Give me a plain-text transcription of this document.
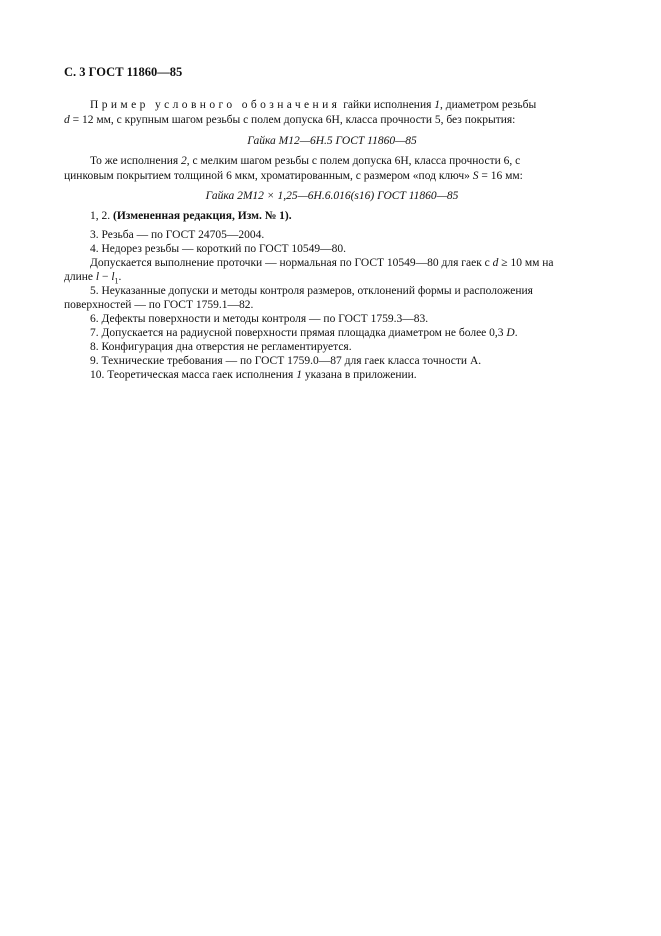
С. 3 ГОСТ 11860—85
Пример условного обозначения гайки исполнения 1, диаметром резьбы
d = 12 мм, с крупным шагом резьбы с полем допуска 6Н, класса прочности 5, без покрытия:
Гайка М12—6Н.5 ГОСТ 11860—85
То же исполнения 2, с мелким шагом резьбы с полем допуска 6Н, класса прочности 6, с
цинковым покрытием толщиной 6 мкм, хроматированным, с размером «под ключ» S = 16 мм:
Гайка 2М12 × 1,25—6Н.6.016(s16) ГОСТ 11860—85
1, 2. (Измененная редакция, Изм. № 1).
3. Резьба — по ГОСТ 24705—2004.
4. Недорез резьбы — короткий по ГОСТ 10549—80.
Допускается выполнение проточки — нормальная по ГОСТ 10549—80 для гаек с d ≥ 10 мм на
длине $l - l_1$.
5. Неуказанные допуски и методы контроля размеров, отклонений формы и расположения
поверхностей — по ГОСТ 1759.1—82.
6. Дефекты поверхности и методы контроля — по ГОСТ 1759.3—83.
7. Допускается на радиусной поверхности прямая площадка диаметром не более 0,3 D.
8. Конфигурация дна отверстия не регламентируется.
9. Технические требования — по ГОСТ 1759.0—87 для гаек класса точности А.
10. Теоретическая масса гаек исполнения 1 указана в приложении.
